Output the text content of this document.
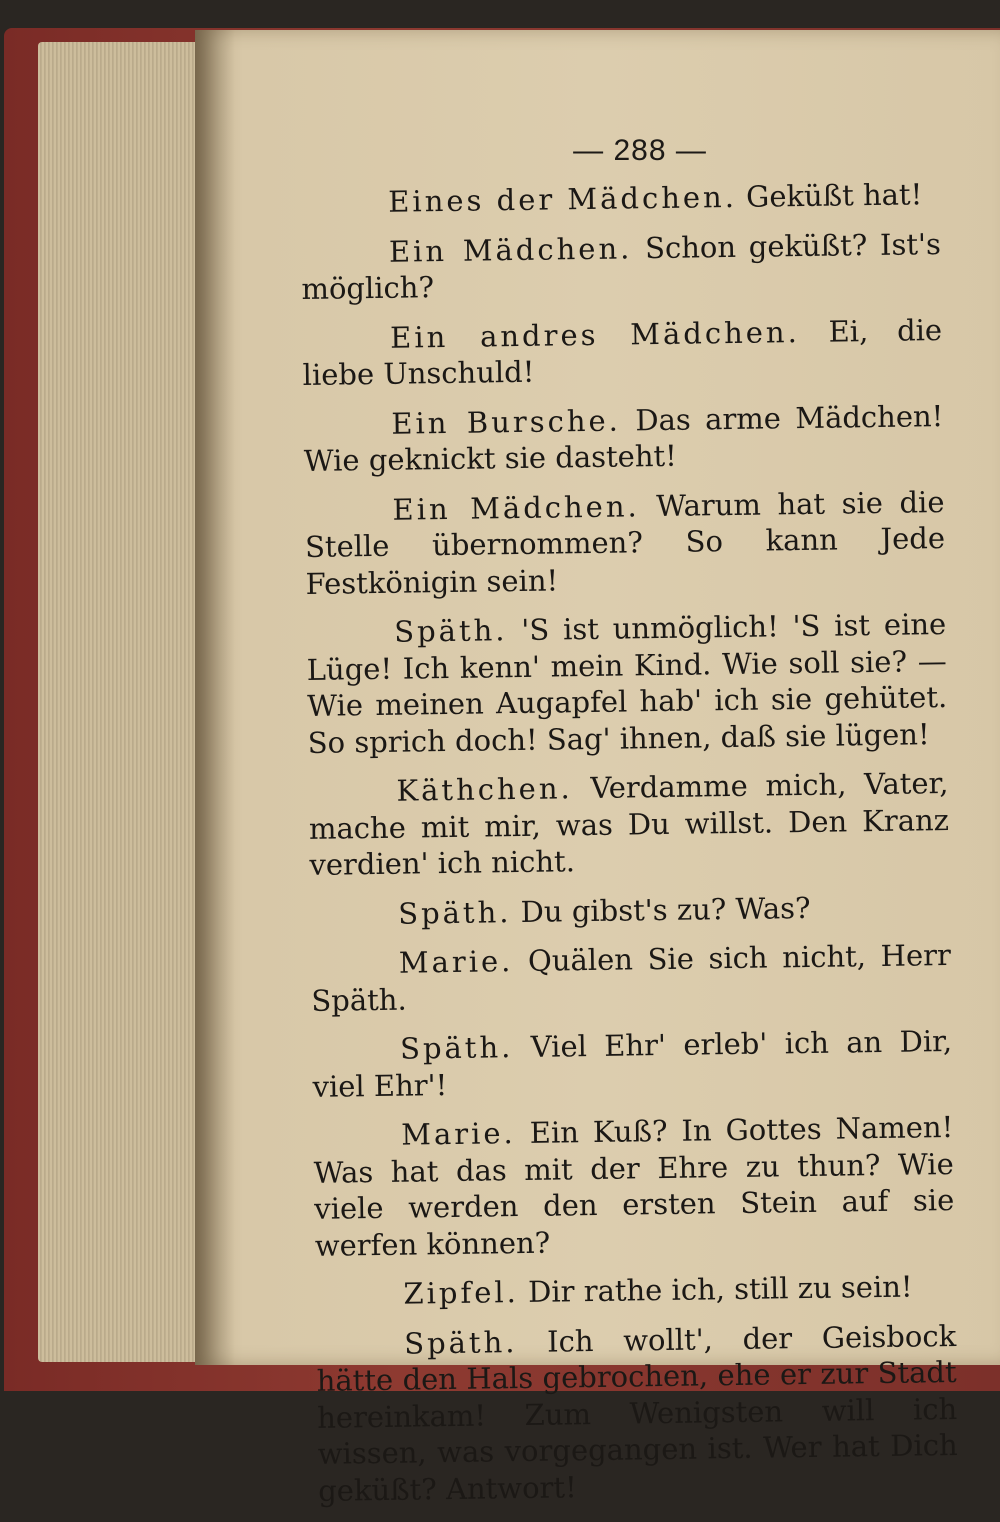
— 288 —

Eines der Mädchen. Geküßt hat!

Ein Mädchen. Schon geküßt? Ist's möglich?

Ein andres Mädchen. Ei, die liebe Unschuld!

Ein Bursche. Das arme Mädchen! Wie geknickt sie dasteht!

Ein Mädchen. Warum hat sie die Stelle übernommen? So kann Jede Festkönigin sein!

Späth. 'S ist unmöglich! 'S ist eine Lüge! Ich kenn' mein Kind. Wie soll sie? — Wie meinen Augapfel hab' ich sie gehütet. So sprich doch! Sag' ihnen, daß sie lügen!

Käthchen. Verdamme mich, Vater, mache mit mir, was Du willst. Den Kranz verdien' ich nicht.

Späth. Du gibst's zu? Was?

Marie. Quälen Sie sich nicht, Herr Späth.

Späth. Viel Ehr' erleb' ich an Dir, viel Ehr'!

Marie. Ein Kuß? In Gottes Namen! Was hat das mit der Ehre zu thun? Wie viele werden den ersten Stein auf sie werfen können?

Zipfel. Dir rathe ich, still zu sein!

Späth. Ich wollt', der Geisbock hätte den Hals gebrochen, ehe er zur Stadt hereinkam! Zum Wenigsten will ich wissen, was vorgegangen ist. Wer hat Dich geküßt? Antwort!
